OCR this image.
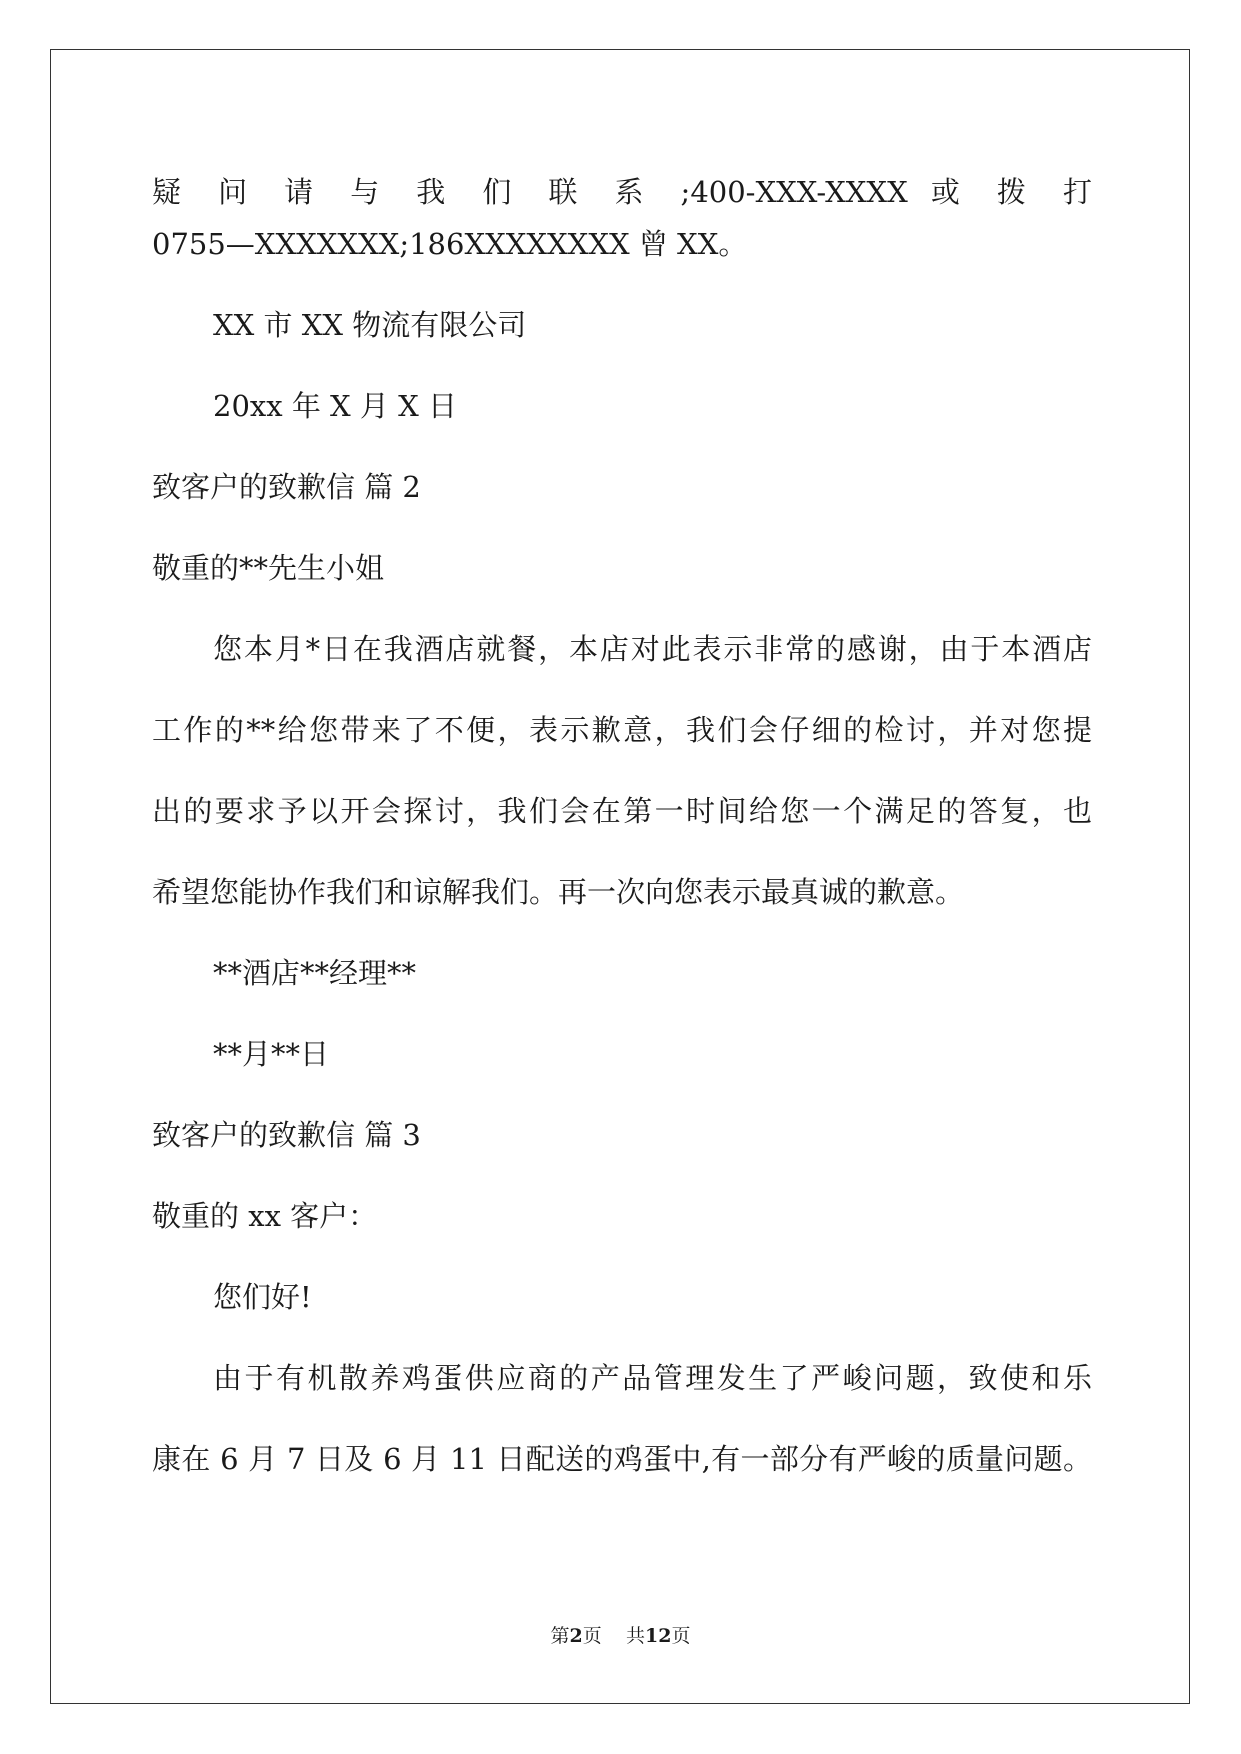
疑 问 请 与 我 们 联 系 ;400-XXX-XXXX 或 拨 打
0755—XXXXXXX;186XXXXXXXX 曾 XX。
XX 市 XX 物流有限公司
20xx 年 X 月 X 日
致客户的致歉信 篇 2
敬重的**先生小姐
您本月*日在我酒店就餐，本店对此表示非常的感谢，由于本酒店
工作的**给您带来了不便，表示歉意，我们会仔细的检讨，并对您提
出的要求予以开会探讨，我们会在第一时间给您一个满足的答复，也
希望您能协作我们和谅解我们。再一次向您表示最真诚的歉意。
**酒店**经理**
**月**日
致客户的致歉信 篇 3
敬重的 xx 客户：
您们好!
由于有机散养鸡蛋供应商的产品管理发生了严峻问题，致使和乐
康在 6 月 7 日及 6 月 11 日配送的鸡蛋中,有一部分有严峻的质量问题。
第2页 共12页
